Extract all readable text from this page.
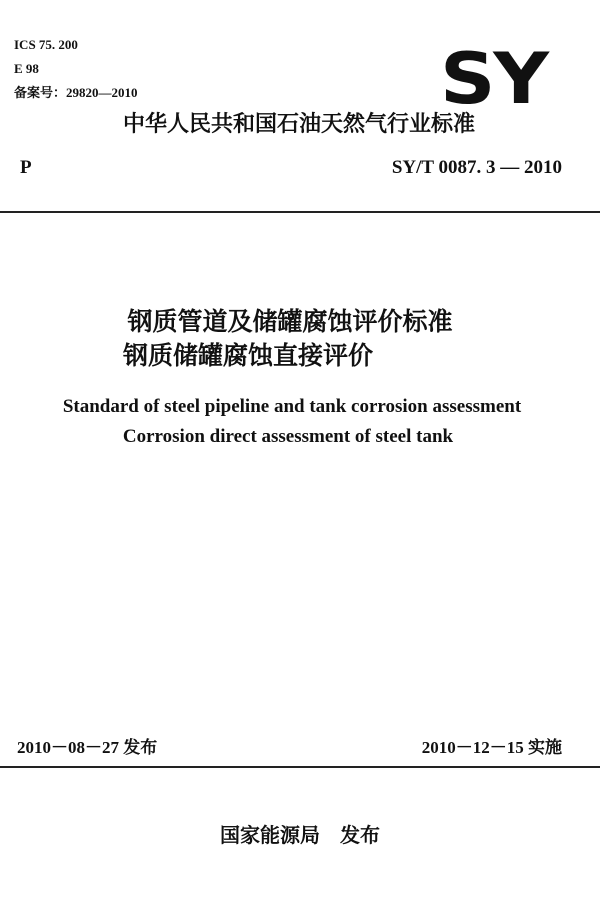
ICS 75. 200
E 98
备案号：29820—2010	SY
中华人民共和国石油天然气行业标准
P	SY/T 0087. 3 — 2010
钢质管道及储罐腐蚀评价标准
钢质储罐腐蚀直接评价
Standard of steel pipeline and tank corrosion assessment
Corrosion direct assessment of steel tank
2010－08－27 发布	2010－12－15 实施
国家能源局　发布
